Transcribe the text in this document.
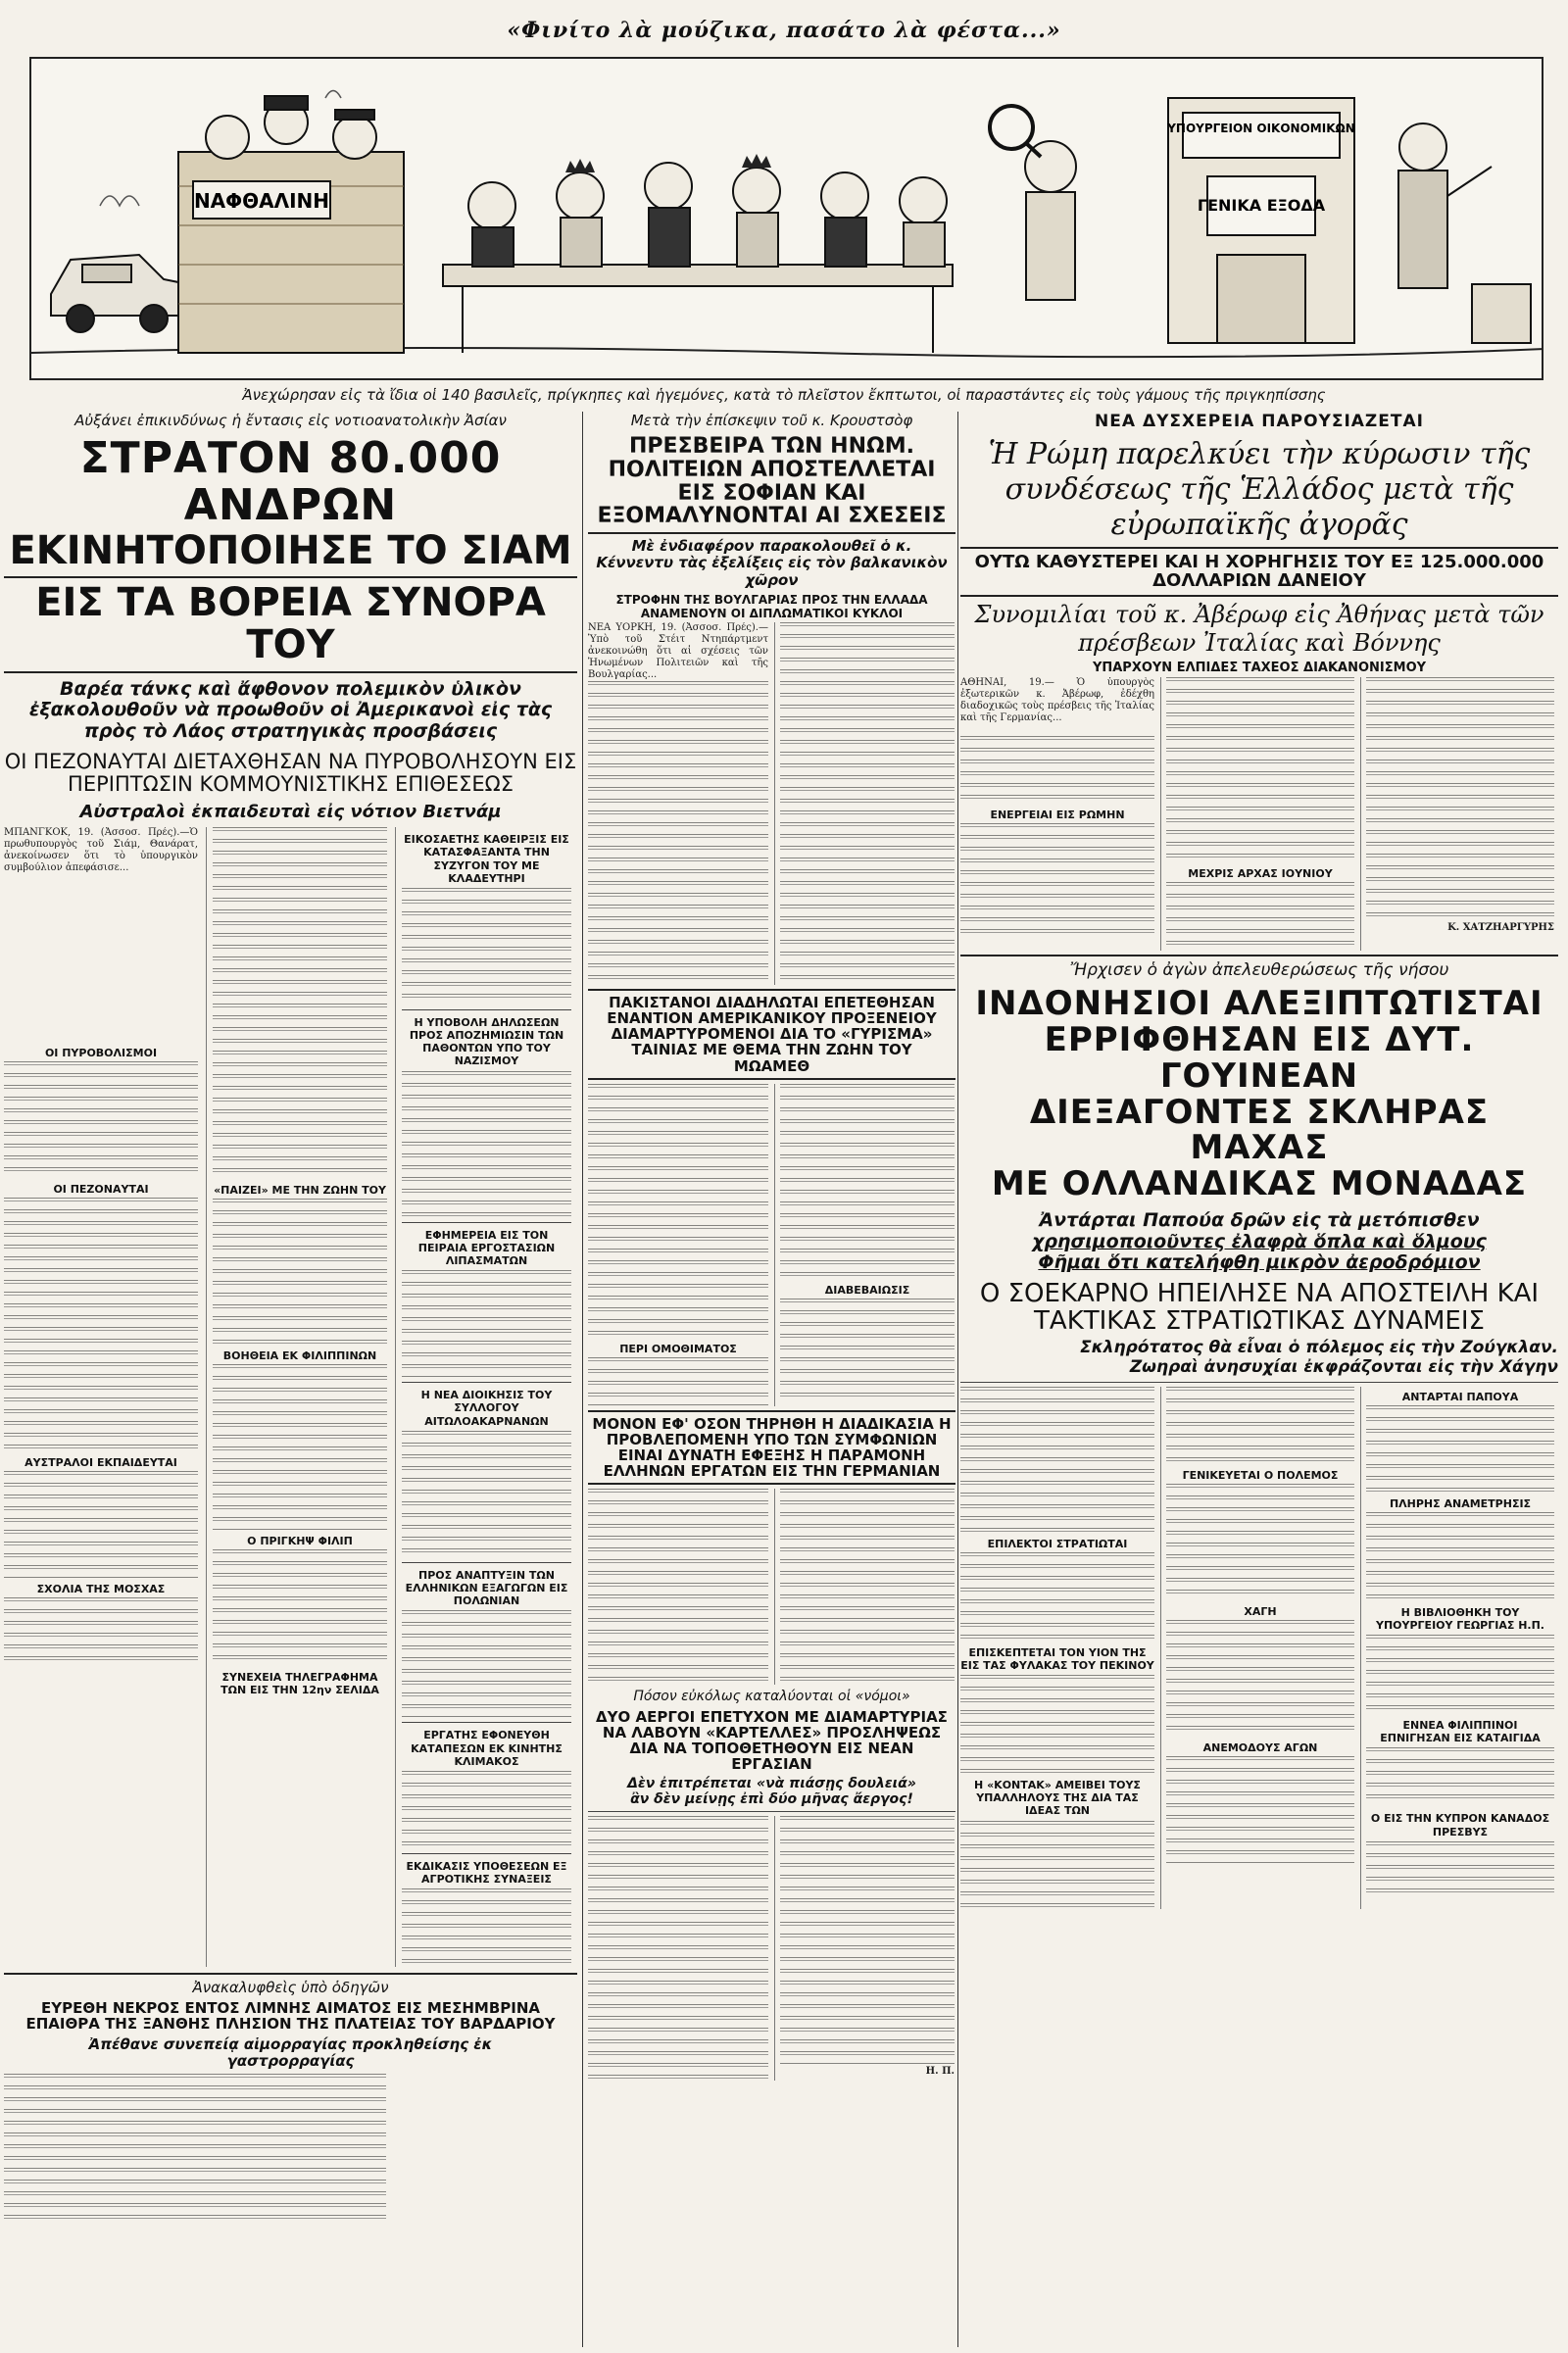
«Φινίτο λὰ μούζικα, πασάτο λὰ φέστα...»
ΝΑΦΘΑΛΙΝΗ
ΥΠΟΥΡΓΕΙΟΝ ΟΙΚΟΝΟΜΙΚΩΝ
ΓΕΝΙΚΑ ΕΞΟΔΑ
Ἀνεχώρησαν εἰς τὰ ἴδια οἱ 140 βασιλεῖς, πρίγκηπες καὶ ἡγεμόνες, κατὰ τὸ πλεῖστον ἔκπτωτοι, οἱ παραστάντες εἰς τοὺς γάμους τῆς πριγκηπίσσης
Αὐξάνει ἐπικινδύνως ἡ ἔντασις εἰς νοτιοανατολικὴν Ἀσίαν
ΣΤΡΑΤΟΝ 80.000 ΑΝΔΡΩΝ
ΕΚΙΝΗΤΟΠΟΙΗΣΕ ΤΟ ΣΙΑΜ
ΕΙΣ ΤΑ ΒΟΡΕΙΑ ΣΥΝΟΡΑ ΤΟΥ
Βαρέα τάνκς καὶ ἄφθονον πολεμικὸν ὑλικὸν ἐξακολουθοῦν νὰ προωθοῦν οἱ Ἀμερικανοὶ εἰς τὰς πρὸς τὸ Λάος στρατηγικὰς προσβάσεις
ΟΙ ΠΕΖΟΝΑΥΤΑΙ ΔΙΕΤΑΧΘΗΣΑΝ ΝΑ ΠΥΡΟΒΟΛΗΣΟΥΝ ΕΙΣ ΠΕΡΙΠΤΩΣΙΝ ΚΟΜΜΟΥΝΙΣΤΙΚΗΣ ΕΠΙΘΕΣΕΩΣ
Αὐστραλοὶ ἐκπαιδευταὶ εἰς νότιον Βιετνάμ
ΜΠΑΝΓΚΟΚ, 19. (Ἀσσοσ. Πρές).—Ὁ πρωθυπουργὸς τοῦ Σιάμ, Θανάρατ, ἀνεκοίνωσεν ὅτι τὸ ὑπουργικὸν συμβούλιον ἀπεφάσισε...
ΟΙ ΠΥΡΟΒΟΛΙΣΜΟΙ
ΟΙ ΠΕΖΟΝΑΥΤΑΙ
ΑΥΣΤΡΑΛΟΙ ΕΚΠΑΙΔΕΥΤΑΙ
ΣΧΟΛΙΑ ΤΗΣ ΜΟΣΧΑΣ
«ΠΑΙΖΕΙ» ΜΕ ΤΗΝ ΖΩΗΝ ΤΟΥ
ΒΟΗΘΕΙΑ ΕΚ ΦΙΛΙΠΠΙΝΩΝ
Ο ΠΡΙΓΚΗΨ ΦΙΛΙΠ
ΣΥΝΕΧΕΙΑ ΤΗΛΕΓΡΑΦΗΜΑ ΤΩΝ ΕΙΣ ΤΗΝ 12ην ΣΕΛΙΔΑ
ΕΙΚΟΣΑΕΤΗΣ ΚΑΘΕΙΡΞΙΣ ΕΙΣ ΚΑΤΑΣΦΑΞΑΝΤΑ ΤΗΝ ΣΥΖΥΓΟΝ ΤΟΥ ΜΕ ΚΛΑΔΕΥΤΗΡΙ
Η ΥΠΟΒΟΛΗ ΔΗΛΩΣΕΩΝ ΠΡΟΣ ΑΠΟΖΗΜΙΩΣΙΝ ΤΩΝ ΠΑΘΟΝΤΩΝ ΥΠΟ ΤΟΥ ΝΑΖΙΣΜΟΥ
ΕΦΗΜΕΡΕΙΑ ΕΙΣ ΤΟΝ ΠΕΙΡΑΙΑ ΕΡΓΟΣΤΑΣΙΩΝ ΛΙΠΑΣΜΑΤΩΝ
Η ΝΕΑ ΔΙΟΙΚΗΣΙΣ ΤΟΥ ΣΥΛΛΟΓΟΥ ΑΙΤΩΛΟΑΚΑΡΝΑΝΩΝ
ΠΡΟΣ ΑΝΑΠΤΥΞΙΝ ΤΩΝ ΕΛΛΗΝΙΚΩΝ ΕΞΑΓΩΓΩΝ ΕΙΣ ΠΟΛΩΝΙΑΝ
ΕΡΓΑΤΗΣ ΕΦΟΝΕΥΘΗ ΚΑΤΑΠΕΣΩΝ ΕΚ ΚΙΝΗΤΗΣ ΚΛΙΜΑΚΟΣ
ΕΚΔΙΚΑΣΙΣ ΥΠΟΘΕΣΕΩΝ ΕΞ ΑΓΡΟΤΙΚΗΣ ΣΥΝΑΞΕΙΣ
Ἀνακαλυφθεὶς ὑπὸ ὁδηγῶν
ΕΥΡΕΘΗ ΝΕΚΡΟΣ ΕΝΤΟΣ ΛΙΜΝΗΣ ΑΙΜΑΤΟΣ ΕΙΣ ΜΕΣΗΜΒΡΙΝΑ ΕΠΑΙΘΡΑ ΤΗΣ ΞΑΝΘΗΣ ΠΛΗΣΙΟΝ ΤΗΣ ΠΛΑΤΕΙΑΣ ΤΟΥ ΒΑΡΔΑΡΙΟΥ
Ἀπέθανε συνεπείᾳ αἱμορραγίας προκληθείσης ἐκ γαστρορραγίας
Μετὰ τὴν ἐπίσκεψιν τοῦ κ. Κρουστσὸφ
ΠΡΕΣΒΕΙΡΑ ΤΩΝ ΗΝΩΜ. ΠΟΛΙΤΕΙΩΝ ΑΠΟΣΤΕΛΛΕΤΑΙ ΕΙΣ ΣΟΦΙΑΝ ΚΑΙ ΕΞΟΜΑΛΥΝΟΝΤΑΙ ΑΙ ΣΧΕΣΕΙΣ
Μὲ ἐνδιαφέρον παρακολουθεῖ ὁ κ. Κέννεντυ τὰς ἐξελίξεις εἰς τὸν βαλκανικὸν χῶρον
ΣΤΡΟΦΗΝ ΤΗΣ ΒΟΥΛΓΑΡΙΑΣ ΠΡΟΣ ΤΗΝ ΕΛΛΑΔΑ ΑΝΑΜΕΝΟΥΝ ΟΙ ΔΙΠΛΩΜΑΤΙΚΟΙ ΚΥΚΛΟΙ
ΝΕΑ ΥΟΡΚΗ, 19. (Ἀσσοσ. Πρές).— Ὑπὸ τοῦ Στέιτ Ντηπάρτμεντ ἀνεκοινώθη ὅτι αἱ σχέσεις τῶν Ἡνωμένων Πολιτειῶν καὶ τῆς Βουλγαρίας...
ΠΑΚΙΣΤΑΝΟΙ ΔΙΑΔΗΛΩΤΑΙ ΕΠΕΤΕΘΗΣΑΝ ΕΝΑΝΤΙΟΝ ΑΜΕΡΙΚΑΝΙΚΟΥ ΠΡΟΞΕΝΕΙΟΥ ΔΙΑΜΑΡΤΥΡΟΜΕΝΟΙ ΔΙΑ ΤΟ «ΓΥΡΙΣΜΑ» ΤΑΙΝΙΑΣ ΜΕ ΘΕΜΑ ΤΗΝ ΖΩΗΝ ΤΟΥ ΜΩΑΜΕΘ
ΠΕΡΙ ΟΜΟΘΙΜΑΤΟΣ
ΔΙΑΒΕΒΑΙΩΣΙΣ
ΜΟΝΟΝ ΕΦ' ΟΣΟΝ ΤΗΡΗΘΗ Η ΔΙΑΔΙΚΑΣΙΑ Η ΠΡΟΒΛΕΠΟΜΕΝΗ ΥΠΟ ΤΩΝ ΣΥΜΦΩΝΙΩΝ ΕΙΝΑΙ ΔΥΝΑΤΗ ΕΦΕΞΗΣ Η ΠΑΡΑΜΟΝΗ ΕΛΛΗΝΩΝ ΕΡΓΑΤΩΝ ΕΙΣ ΤΗΝ ΓΕΡΜΑΝΙΑΝ
Πόσον εὐκόλως καταλύονται οἱ «νόμοι»
ΔΥΟ ΑΕΡΓΟΙ ΕΠΕΤΥΧΟΝ ΜΕ ΔΙΑΜΑΡΤΥΡΙΑΣ ΝΑ ΛΑΒΟΥΝ «ΚΑΡΤΕΛΛΕΣ» ΠΡΟΣΛΗΨΕΩΣ ΔΙΑ ΝΑ ΤΟΠΟΘΕΤΗΘΟΥΝ ΕΙΣ ΝΕΑΝ ΕΡΓΑΣΙΑΝ
Δὲν ἐπιτρέπεται «νὰ πιάσῃς δουλειά»
ἂν δὲν μείνῃς ἐπὶ δύο μῆνας ἄεργος!
Η. Π.
ΝΕΑ ΔΥΣΧΕΡΕΙΑ ΠΑΡΟΥΣΙΑΖΕΤΑΙ
Ἡ Ρώμη παρελκύει τὴν κύρωσιν τῆς συνδέσεως τῆς Ἑλλάδος μετὰ τῆς εὐρωπαϊκῆς ἀγορᾶς
ΟΥΤΩ ΚΑΘΥΣΤΕΡΕΙ ΚΑΙ Η ΧΟΡΗΓΗΣΙΣ ΤΟΥ ΕΞ 125.000.000 ΔΟΛΛΑΡΙΩΝ ΔΑΝΕΙΟΥ
Συνομιλίαι τοῦ κ. Ἀβέρωφ εἰς Ἀθήνας μετὰ τῶν πρέσβεων Ἰταλίας καὶ Βόννης
ΥΠΑΡΧΟΥΝ ΕΛΠΙΔΕΣ ΤΑΧΕΟΣ ΔΙΑΚΑΝΟΝΙΣΜΟΥ
ΑΘΗΝΑΙ, 19.— Ὁ ὑπουργὸς ἐξωτερικῶν κ. Ἀβέρωφ, ἐδέχθη διαδοχικῶς τοὺς πρέσβεις τῆς Ἰταλίας καὶ τῆς Γερμανίας...
ΕΝΕΡΓΕΙΑΙ ΕΙΣ ΡΩΜΗΝ
ΜΕΧΡΙΣ ΑΡΧΑΣ ΙΟΥΝΙΟΥ
Κ. ΧΑΤΖΗΑΡΓΥΡΗΣ
Ἤρχισεν ὁ ἀγὼν ἀπελευθερώσεως τῆς νήσου
ΙΝΔΟΝΗΣΙΟΙ ΑΛΕΞΙΠΤΩΤΙΣΤΑΙ
ΕΡΡΙΦΘΗΣΑΝ ΕΙΣ ΔΥΤ. ΓΟΥΙΝΕΑΝ
ΔΙΕΞΑΓΟΝΤΕΣ ΣΚΛΗΡΑΣ ΜΑΧΑΣ
ΜΕ ΟΛΛΑΝΔΙΚΑΣ ΜΟΝΑΔΑΣ
Ἀντάρται Παπούα δρῶν εἰς τὰ μετόπισθεν
χρησιμοποιοῦντες ἐλαφρὰ ὅπλα καὶ ὅλμους
Φῆμαι ὅτι κατελήφθη μικρὸν ἀεροδρόμιον
Ο ΣΟΕΚΑΡΝΟ ΗΠΕΙΛΗΣΕ ΝΑ ΑΠΟΣΤΕΙΛΗ ΚΑΙ ΤΑΚΤΙΚΑΣ ΣΤΡΑΤΙΩΤΙΚΑΣ ΔΥΝΑΜΕΙΣ
Σκληρότατος θὰ εἶναι ὁ πόλεμος εἰς τὴν Ζούγκλαν.
Ζωηραὶ ἀνησυχίαι ἐκφράζονται εἰς τὴν Χάγην
ΕΠΙΛΕΚΤΟΙ ΣΤΡΑΤΙΩΤΑΙ
ΕΠΙΣΚΕΠΤΕΤΑΙ ΤΟΝ ΥΙΟΝ ΤΗΣ ΕΙΣ ΤΑΣ ΦΥΛΑΚΑΣ ΤΟΥ ΠΕΚΙΝΟΥ
Η «ΚΟΝΤΑΚ» ΑΜΕΙΒΕΙ ΤΟΥΣ ΥΠΑΛΛΗΛΟΥΣ ΤΗΣ ΔΙΑ ΤΑΣ ΙΔΕΑΣ ΤΩΝ
ΓΕΝΙΚΕΥΕΤΑΙ Ο ΠΟΛΕΜΟΣ
ΧΑΓΗ
ΑΝΕΜΟΔΟΥΣ ΑΓΩΝ
ΑΝΤΑΡΤΑΙ ΠΑΠΟΥΑ
ΠΛΗΡΗΣ ΑΝΑΜΕΤΡΗΣΙΣ
Η ΒΙΒΛΙΟΘΗΚΗ ΤΟΥ ΥΠΟΥΡΓΕΙΟΥ ΓΕΩΡΓΙΑΣ Η.Π.
ΕΝΝΕΑ ΦΙΛΙΠΠΙΝΟΙ ΕΠΝΙΓΗΣΑΝ ΕΙΣ ΚΑΤΑΙΓΙΔΑ
Ο ΕΙΣ ΤΗΝ ΚΥΠΡΟΝ ΚΑΝΑΔΟΣ ΠΡΕΣΒΥΣ
